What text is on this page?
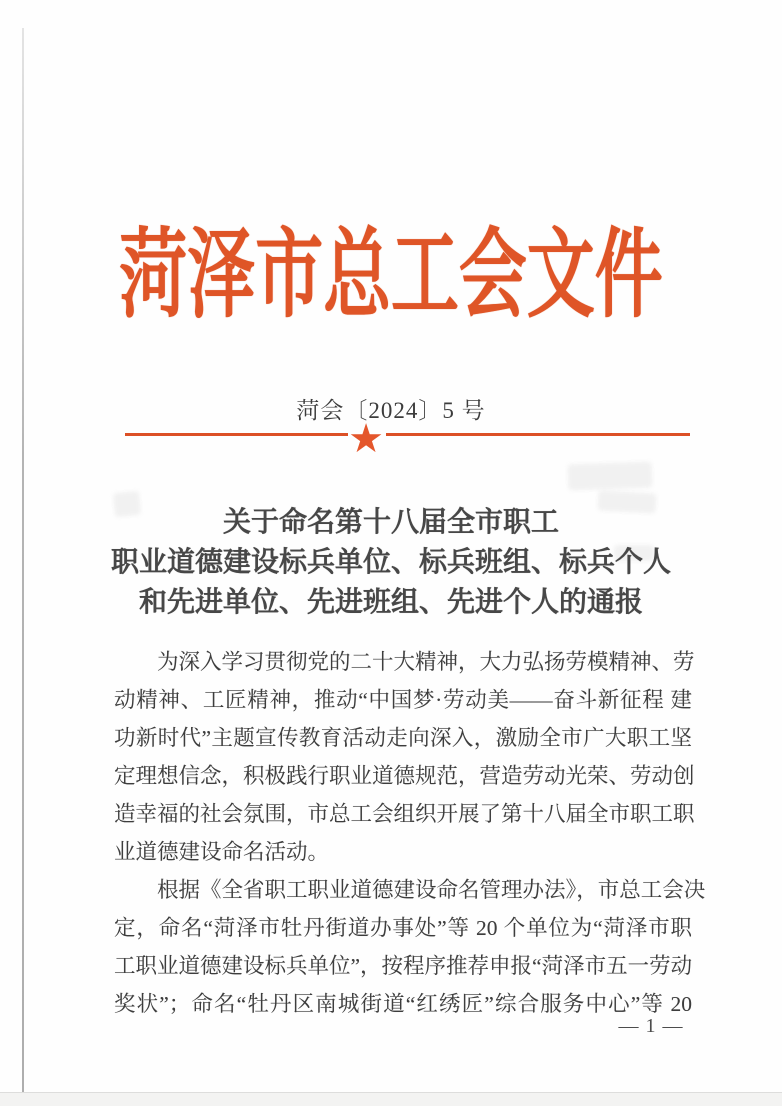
菏泽市总工会文件
菏会〔2024〕5 号
★
关于命名第十八届全市职工
职业道德建设标兵单位、标兵班组、标兵个人
和先进单位、先进班组、先进个人的通报
为深入学习贯彻党的二十大精神，大力弘扬劳模精神、劳
动精神、工匠精神，推动“中国梦·劳动美——奋斗新征程 建
功新时代”主题宣传教育活动走向深入，激励全市广大职工坚
定理想信念，积极践行职业道德规范，营造劳动光荣、劳动创
造幸福的社会氛围，市总工会组织开展了第十八届全市职工职
业道德建设命名活动。
根据《全省职工职业道德建设命名管理办法》，市总工会决
定，命名“菏泽市牡丹街道办事处”等 20 个单位为“菏泽市职
工职业道德建设标兵单位”，按程序推荐申报“菏泽市五一劳动
奖状”；命名“牡丹区南城街道“红绣匠”综合服务中心”等 20
— 1 —
